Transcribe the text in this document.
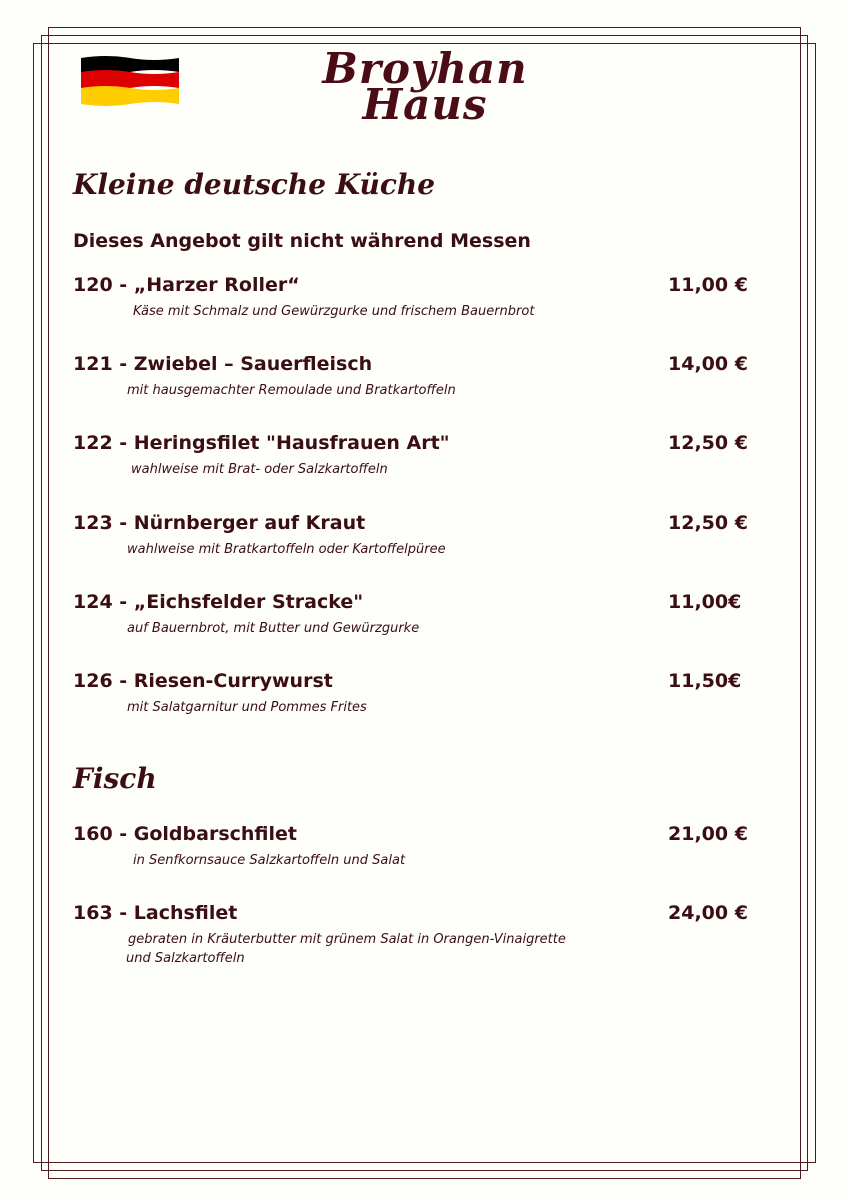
Broyhan
Haus
Kleine deutsche Küche
Dieses Angebot gilt nicht während Messen
120 - „Harzer Roller“	11,00 €
Käse mit Schmalz und Gewürzgurke und frischem Bauernbrot
121 - Zwiebel – Sauerfleisch	14,00 €
mit hausgemachter Remoulade und Bratkartoffeln
122 - Heringsfilet "Hausfrauen Art"	12,50 €
wahlweise mit Brat- oder Salzkartoffeln
123 - Nürnberger auf Kraut	12,50 €
wahlweise mit Bratkartoffeln oder Kartoffelpüree
124 - „Eichsfelder Stracke"	11,00€
auf Bauernbrot, mit Butter und Gewürzgurke
126 - Riesen-Currywurst	11,50€
mit Salatgarnitur und Pommes Frites
Fisch
160 - Goldbarschfilet	21,00 €
in Senfkornsauce Salzkartoffeln und Salat
163 - Lachsfilet	24,00 €
gebraten in Kräuterbutter mit grünem Salat in Orangen-Vinaigrette
und Salzkartoffeln
